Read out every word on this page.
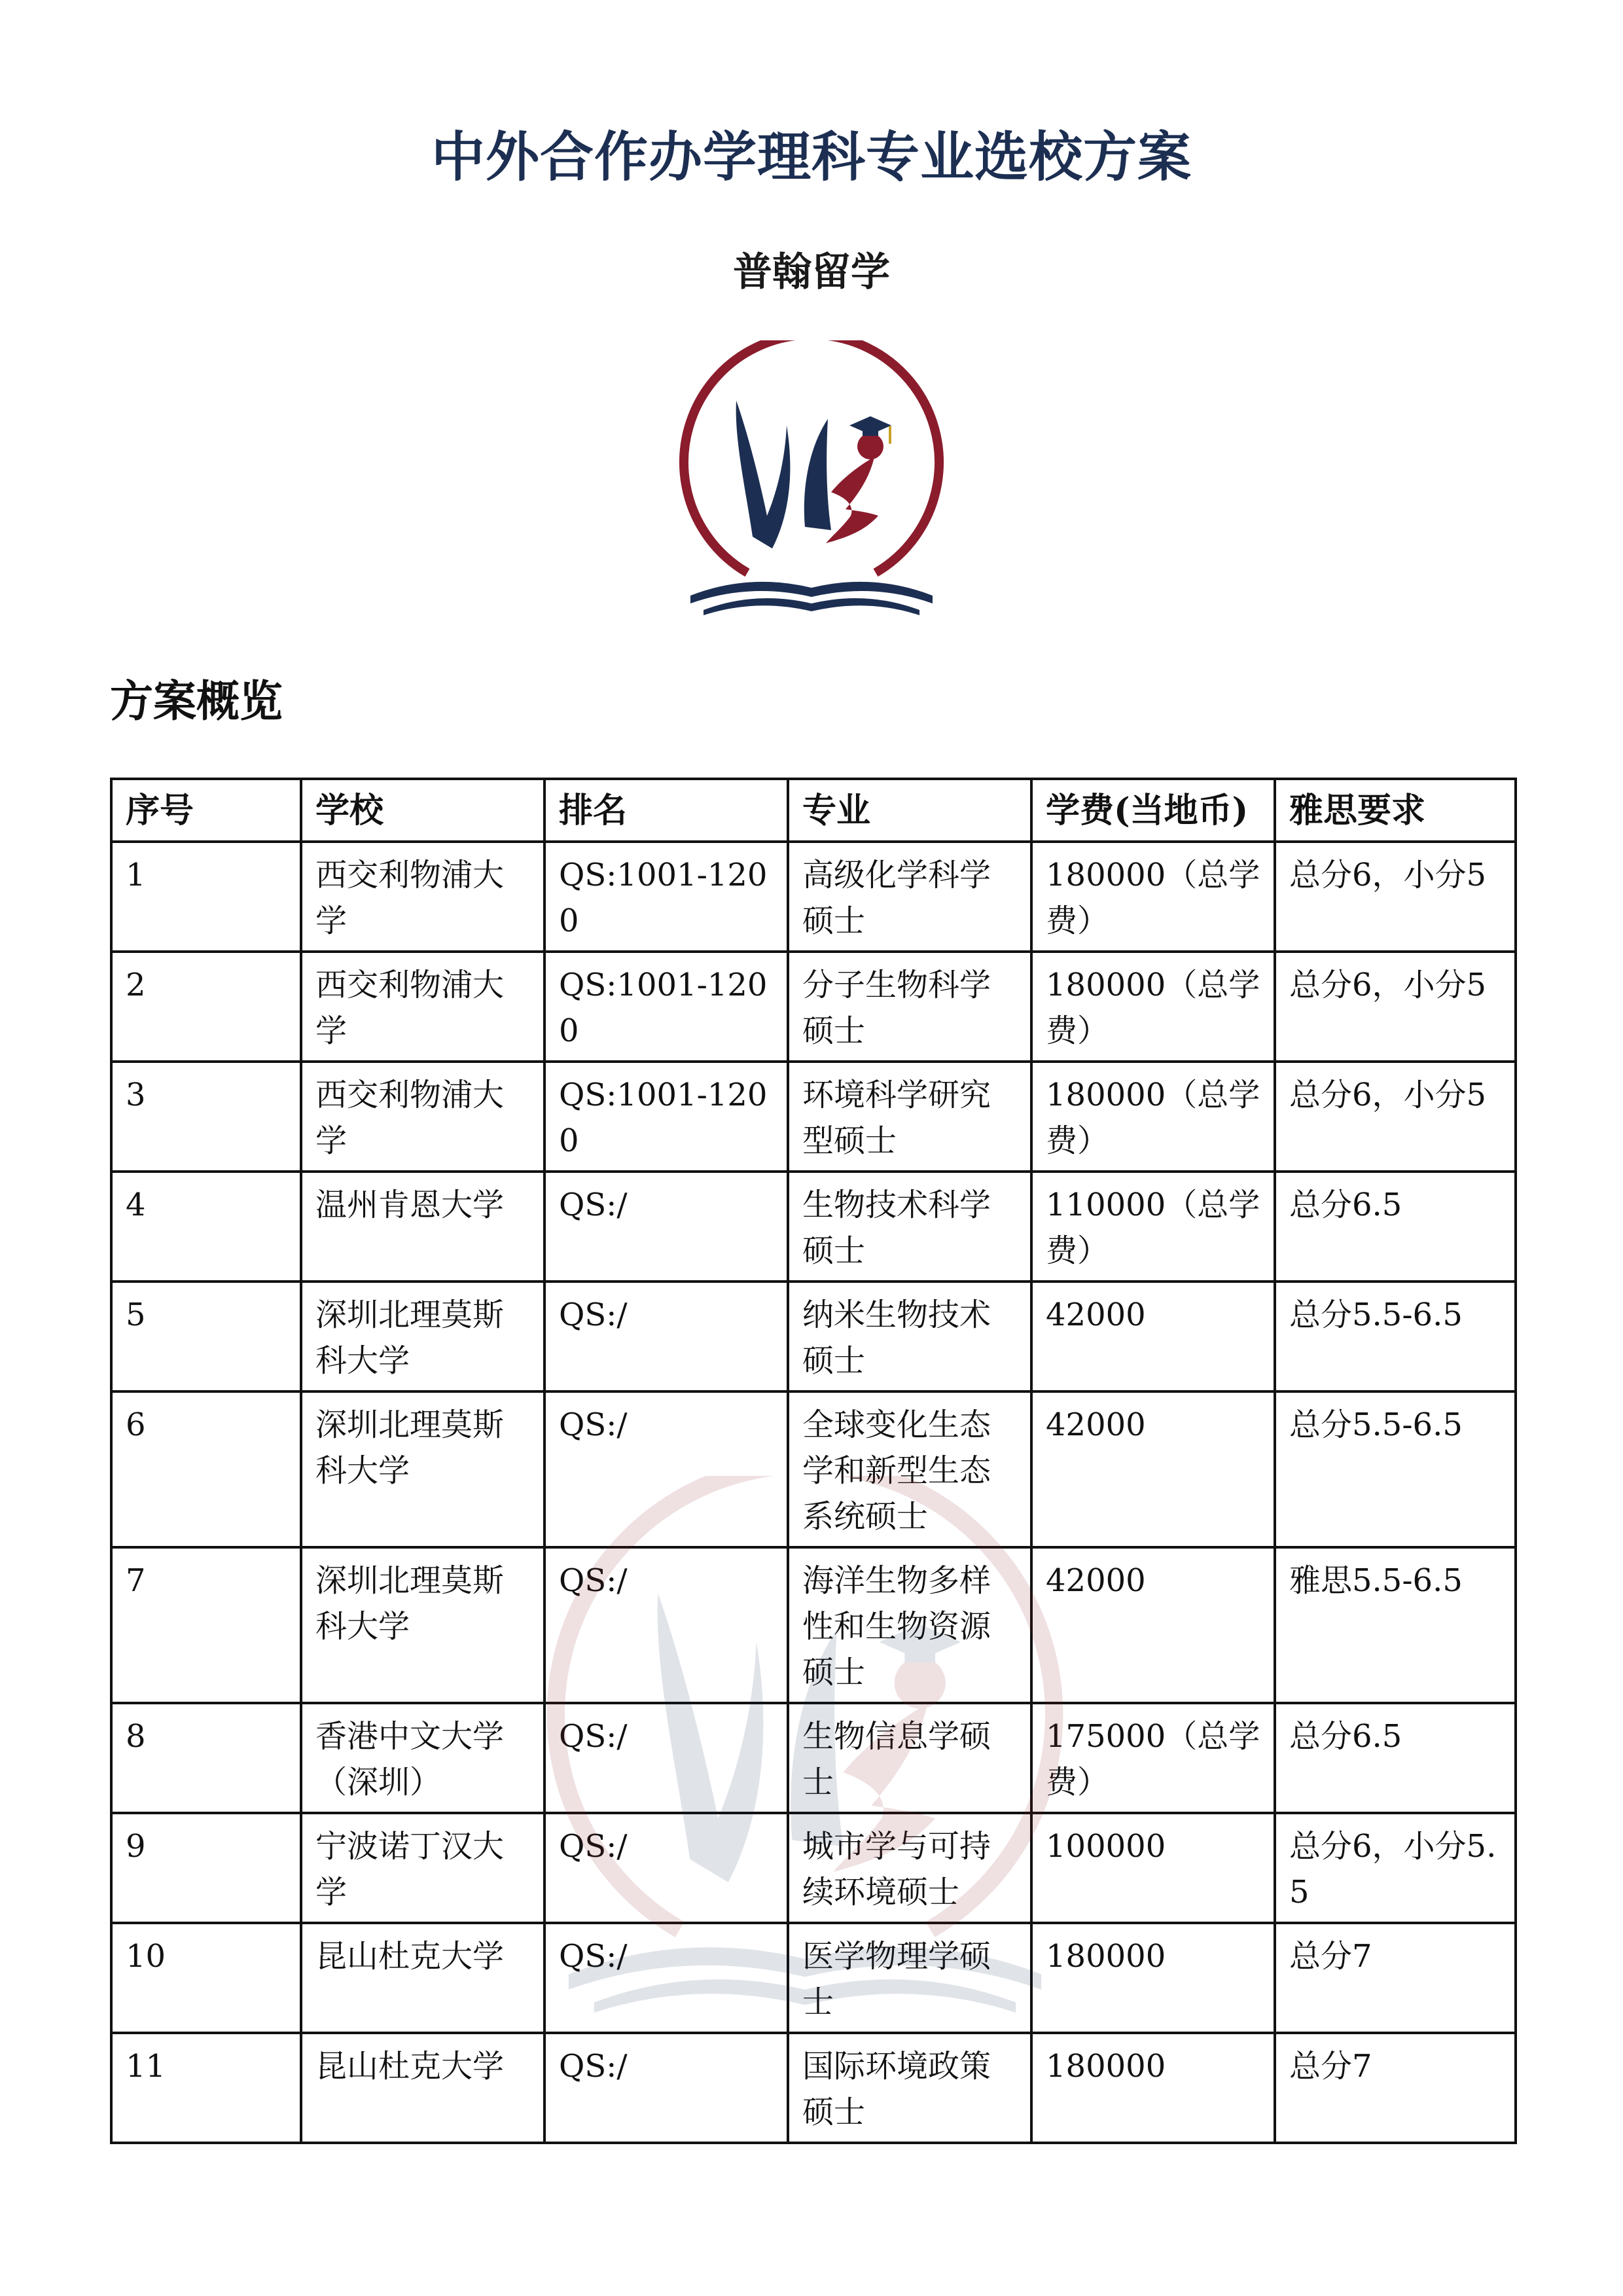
中外合作办学理科专业选校方案
普翰留学
方案概览
序号	学校	排名	专业	学费(当地币)	雅思要求
1	西交利物浦大学	QS:1001-1200	高级化学科学硕士	180000（总学费）	总分6，小分5
2	西交利物浦大学	QS:1001-1200	分子生物科学硕士	180000（总学费）	总分6，小分5
3	西交利物浦大学	QS:1001-1200	环境科学研究型硕士	180000（总学费）	总分6，小分5
4	温州肯恩大学	QS:/	生物技术科学硕士	110000（总学费）	总分6.5
5	深圳北理莫斯科大学	QS:/	纳米生物技术硕士	42000	总分5.5-6.5
6	深圳北理莫斯科大学	QS:/	全球变化生态学和新型生态系统硕士	42000	总分5.5-6.5
7	深圳北理莫斯科大学	QS:/	海洋生物多样性和生物资源硕士	42000	雅思5.5-6.5
8	香港中文大学（深圳）	QS:/	生物信息学硕士	175000（总学费）	总分6.5
9	宁波诺丁汉大学	QS:/	城市学与可持续环境硕士	100000	总分6，小分5.5
10	昆山杜克大学	QS:/	医学物理学硕士	180000	总分7
11	昆山杜克大学	QS:/	国际环境政策硕士	180000	总分7
